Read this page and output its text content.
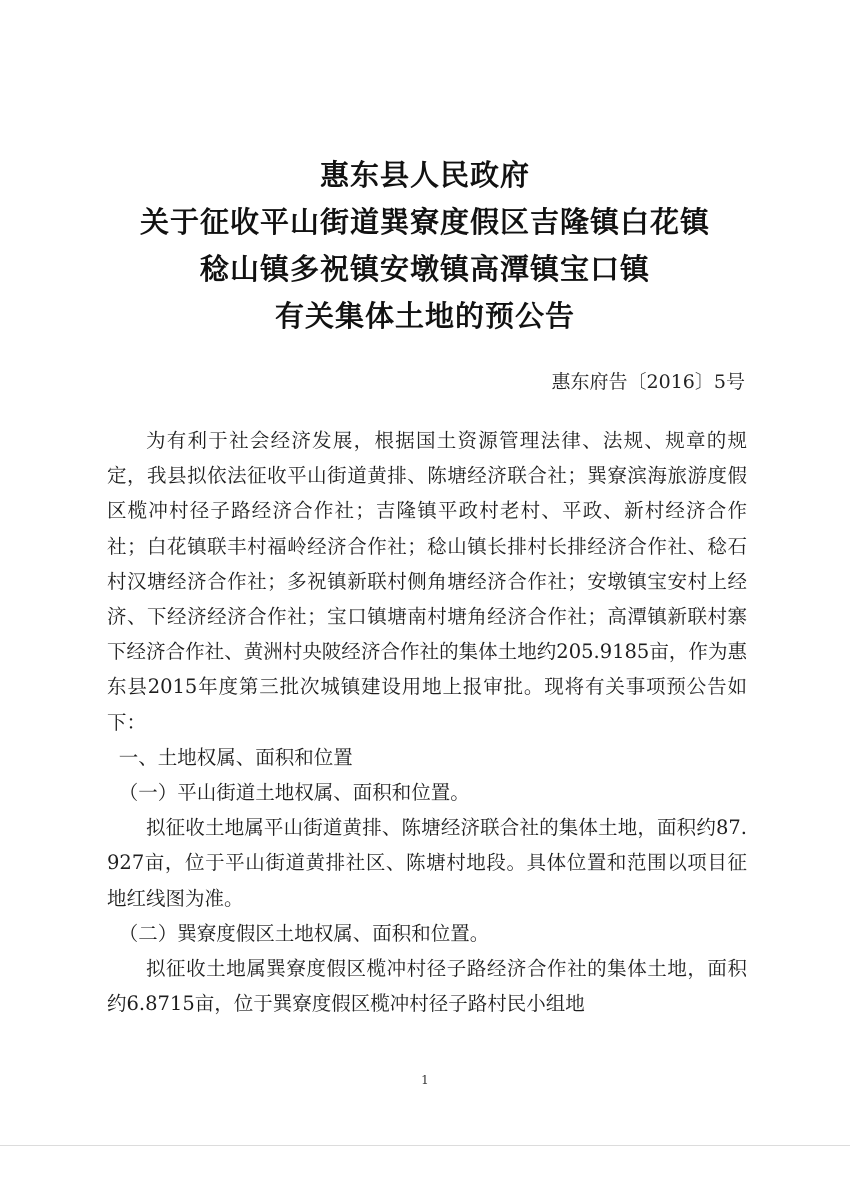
惠东县人民政府
关于征收平山街道巽寮度假区吉隆镇白花镇
稔山镇多祝镇安墩镇高潭镇宝口镇
有关集体土地的预公告
惠东府告〔2016〕5号

为有利于社会经济发展，根据国土资源管理法律、法规、规章的规定，我县拟依法征收平山街道黄排、陈塘经济联合社；巽寮滨海旅游度假区榄冲村径子路经济合作社；吉隆镇平政村老村、平政、新村经济合作社；白花镇联丰村福岭经济合作社；稔山镇长排村长排经济合作社、稔石村汉塘经济合作社；多祝镇新联村侧角塘经济合作社；安墩镇宝安村上经济、下经济经济合作社；宝口镇塘南村塘角经济合作社；高潭镇新联村寨下经济合作社、黄洲村央陂经济合作社的集体土地约205.9185亩，作为惠东县2015年度第三批次城镇建设用地上报审批。现将有关事项预公告如下：

一、土地权属、面积和位置

（一）平山街道土地权属、面积和位置。

拟征收土地属平山街道黄排、陈塘经济联合社的集体土地，面积约87.927亩，位于平山街道黄排社区、陈塘村地段。具体位置和范围以项目征地红线图为准。

（二）巽寮度假区土地权属、面积和位置。

拟征收土地属巽寮度假区榄冲村径子路经济合作社的集体土地，面积约6.8715亩，位于巽寮度假区榄冲村径子路村民小组地

1
